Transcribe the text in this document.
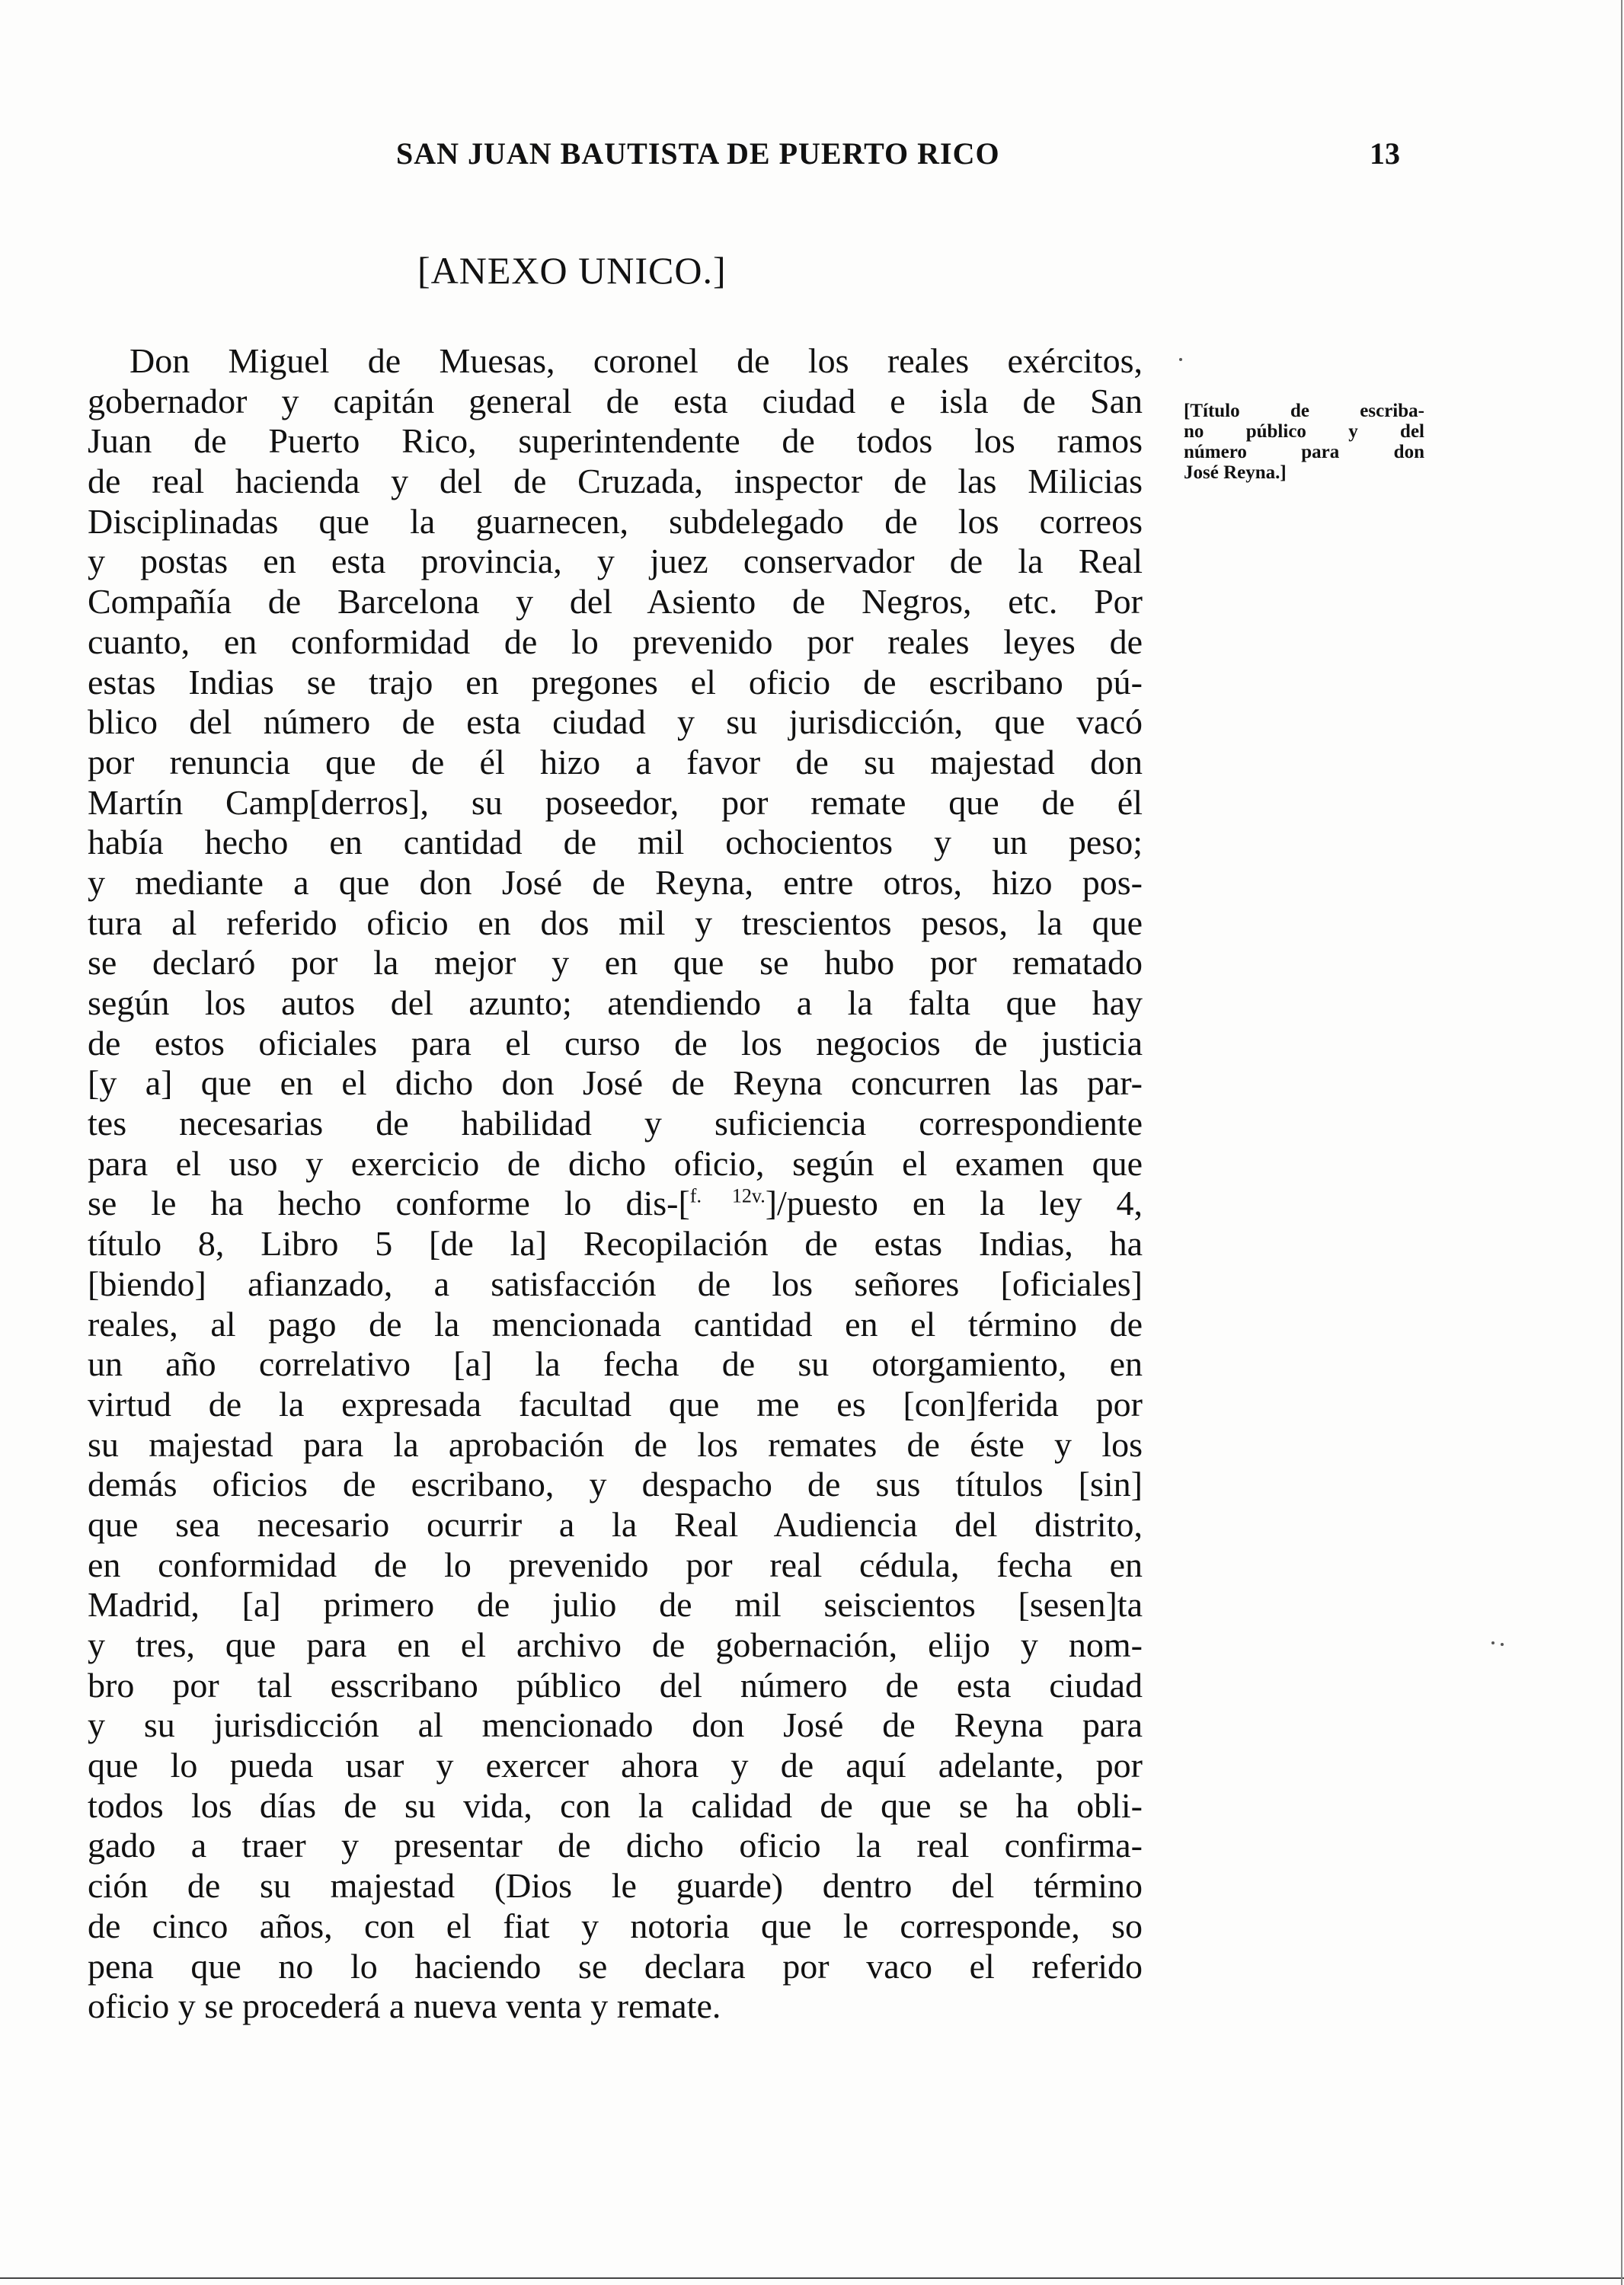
SAN JUAN BAUTISTA DE PUERTO RICO	13
[ANEXO UNICO.]
Don Miguel de Muesas, coronel de los reales exércitos,
gobernador y capitán general de esta ciudad e isla de San
Juan de Puerto Rico, superintendente de todos los ramos
de real hacienda y del de Cruzada, inspector de las Milicias
Disciplinadas que la guarnecen, subdelegado de los correos
y postas en esta provincia, y juez conservador de la Real
Compañía de Barcelona y del Asiento de Negros, etc. Por
cuanto, en conformidad de lo prevenido por reales leyes de
estas Indias se trajo en pregones el oficio de escribano pú-
blico del número de esta ciudad y su jurisdicción, que vacó
por renuncia que de él hizo a favor de su majestad don
Martín Camp[derros], su poseedor, por remate que de él
había hecho en cantidad de mil ochocientos y un peso;
y mediante a que don José de Reyna, entre otros, hizo pos-
tura al referido oficio en dos mil y trescientos pesos, la que
se declaró por la mejor y en que se hubo por rematado
según los autos del azunto; atendiendo a la falta que hay
de estos oficiales para el curso de los negocios de justicia
[y a] que en el dicho don José de Reyna concurren las par-
tes necesarias de habilidad y suficiencia correspondiente
para el uso y exercicio de dicho oficio, según el examen que
se le ha hecho conforme lo dis-[$^{f. 12v.}$]/puesto en la ley 4,
título 8, Libro 5 [de la] Recopilación de estas Indias, ha
[biendo] afianzado, a satisfacción de los señores [oficiales]
reales, al pago de la mencionada cantidad en el término de
un año correlativo [a] la fecha de su otorgamiento, en
virtud de la expresada facultad que me es [con]ferida por
su majestad para la aprobación de los remates de éste y los
demás oficios de escribano, y despacho de sus títulos [sin]
que sea necesario ocurrir a la Real Audiencia del distrito,
en conformidad de lo prevenido por real cédula, fecha en
Madrid, [a] primero de julio de mil seiscientos [sesen]ta
y tres, que para en el archivo de gobernación, elijo y nom-
bro por tal esscribano público del número de esta ciudad
y su jurisdicción al mencionado don José de Reyna para
que lo pueda usar y exercer ahora y de aquí adelante, por
todos los días de su vida, con la calidad de que se ha obli-
gado a traer y presentar de dicho oficio la real confirma-
ción de su majestad (Dios le guarde) dentro del término
de cinco años, con el fiat y notoria que le corresponde, so
pena que no lo haciendo se declara por vaco el referido
oficio y se procederá a nueva venta y remate.
[Título de escriba-
no público y del
número para don
José Reyna.]
